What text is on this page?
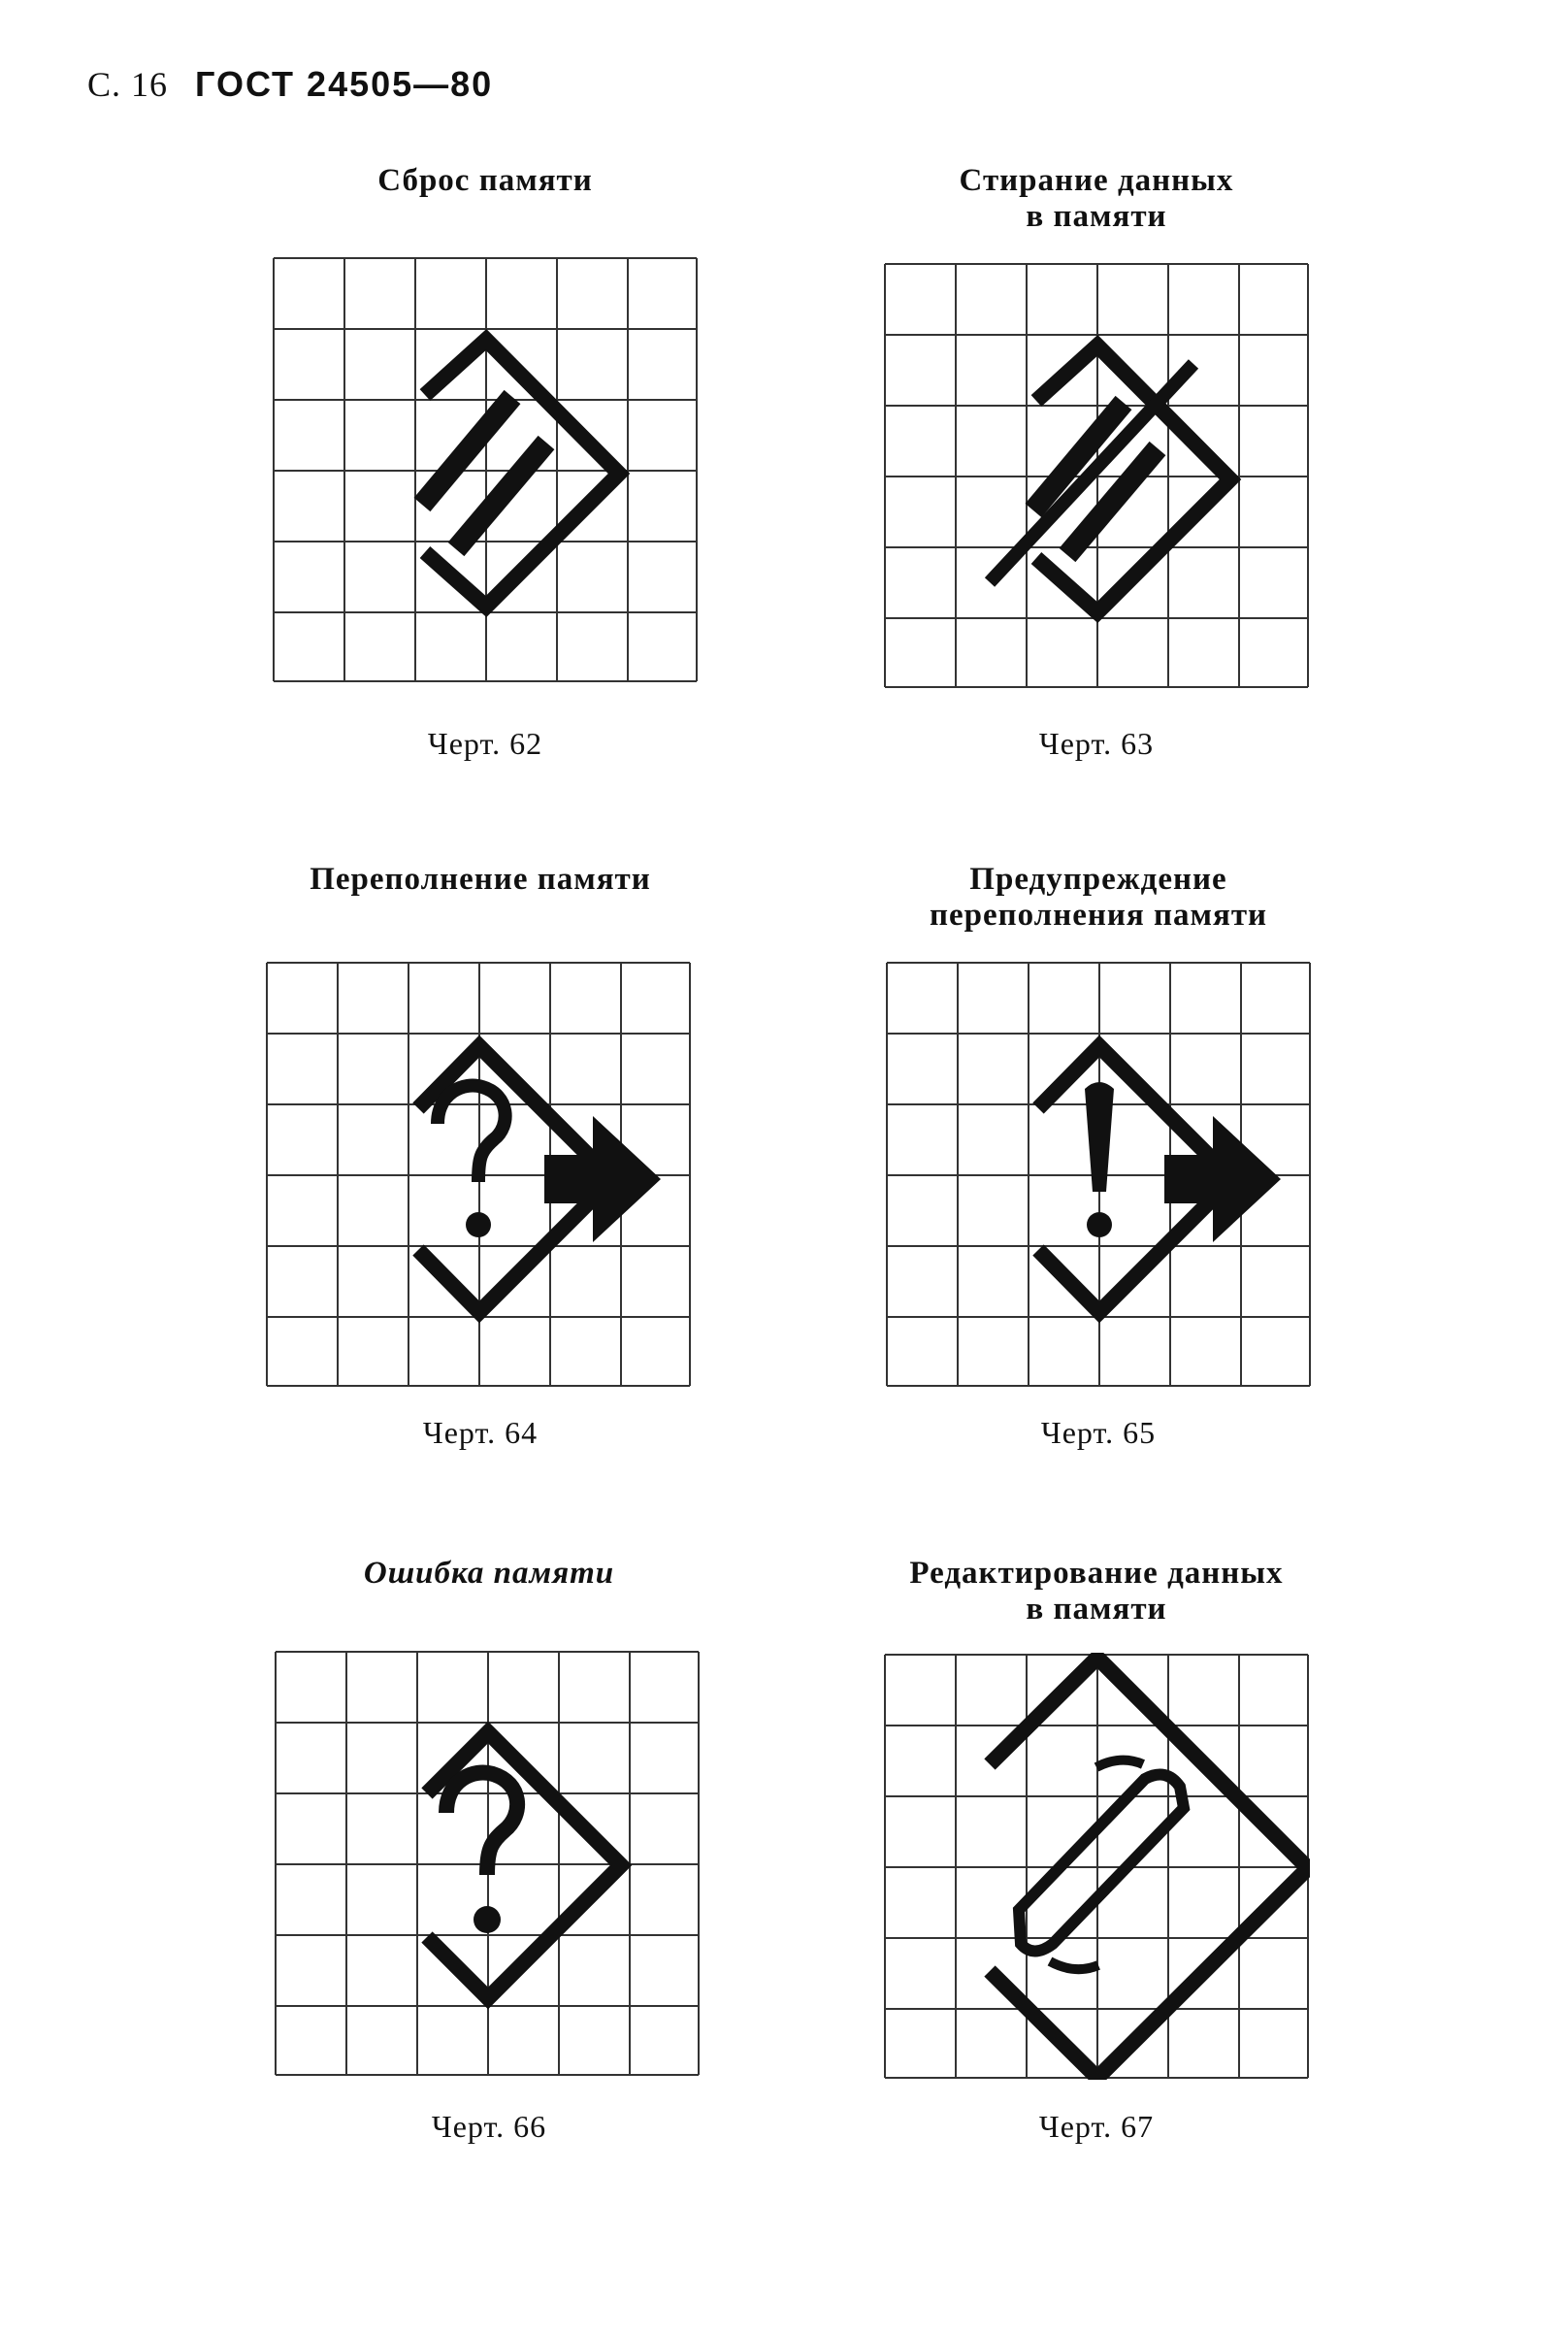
С. 16 ГОСТ 24505—80
Сброс памяти
Черт. 62
Стирание данных
в памяти
Черт. 63
Переполнение памяти
Черт. 64
Предупреждение
переполнения памяти
Черт. 65
Ошибка памяти
Черт. 66
Редактирование данных
в памяти
Черт. 67
